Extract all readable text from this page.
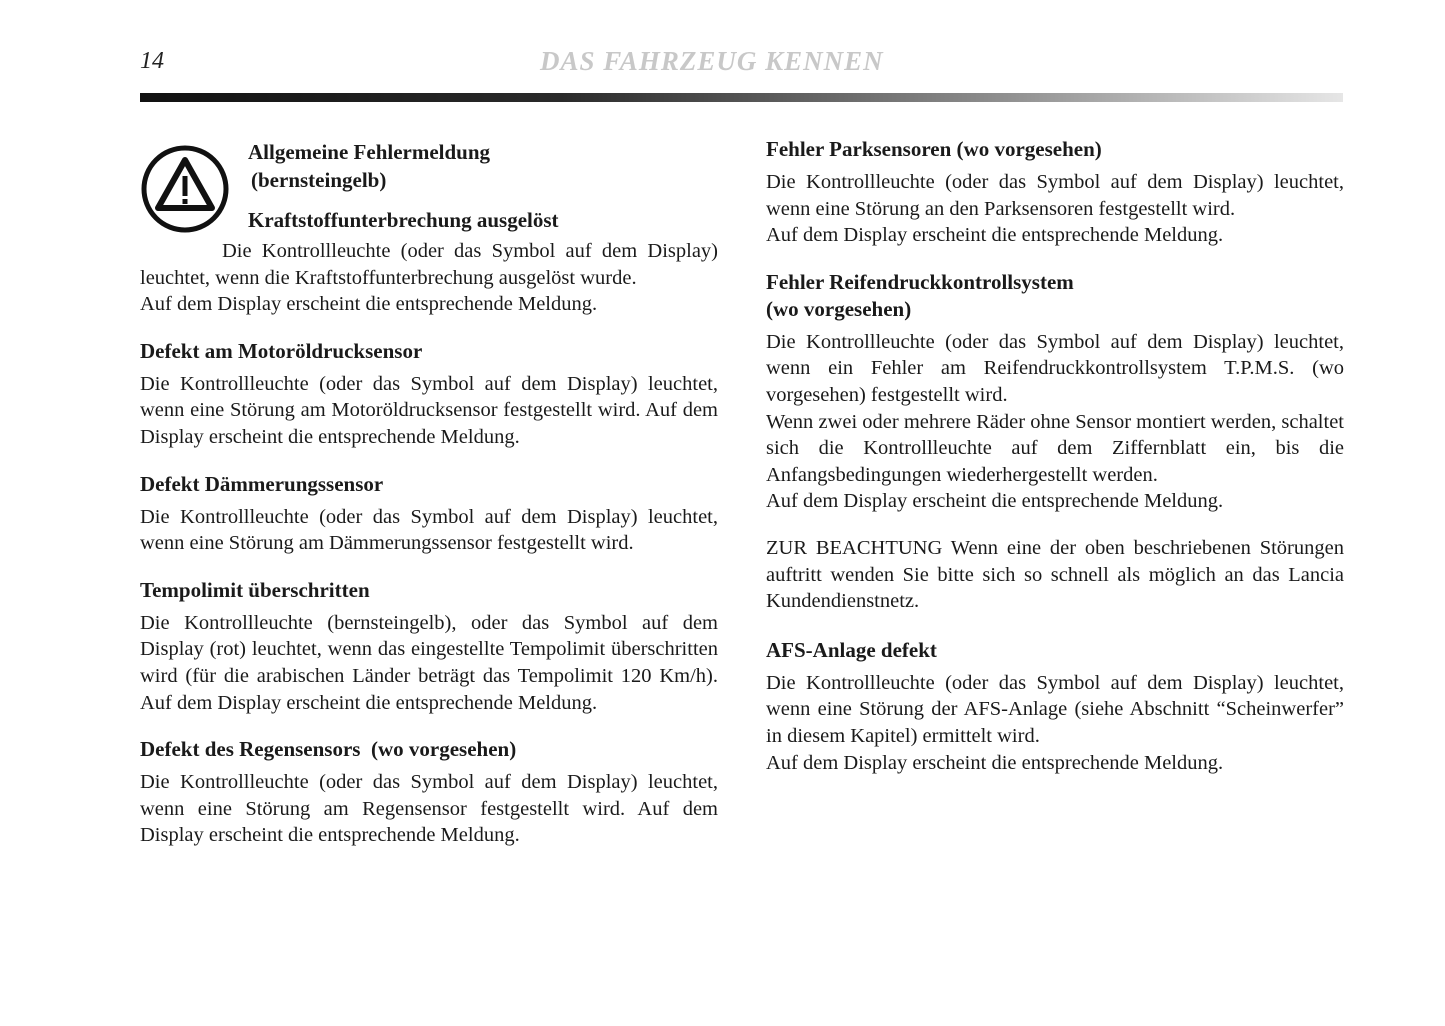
14	DAS FAHRZEUG KENNEN

Allgemeine Fehlermeldung

(bernsteingelb)

Kraftstoffunterbrechung ausgelöst

Die Kontrollleuchte (oder das Symbol auf dem Display) leuchtet, wenn die Kraftstoffunterbrechung ausgelöst wurde.
Auf dem Display erscheint die entsprechende Meldung.

Defekt am Motoröldrucksensor

Die Kontrollleuchte (oder das Symbol auf dem Display) leuchtet, wenn eine Störung am Motoröldrucksensor festgestellt wird. Auf dem Display erscheint die entsprechende Meldung.

Defekt Dämmerungssensor

Die Kontrollleuchte (oder das Symbol auf dem Display) leuchtet, wenn eine Störung am Dämmerungssensor festgestellt wird.

Tempolimit überschritten

Die Kontrollleuchte (bernsteingelb), oder das Symbol auf dem Display (rot) leuchtet, wenn das eingestellte Tempolimit überschritten wird (für die arabischen Länder beträgt das Tempolimit 120 Km/h). Auf dem Display erscheint die entsprechende Meldung.

Defekt des Regensensors  (wo vorgesehen)

Die Kontrollleuchte (oder das Symbol auf dem Display) leuchtet, wenn eine Störung am Regensensor festgestellt wird. Auf dem Display erscheint die entsprechende Meldung.

Fehler Parksensoren (wo vorgesehen)

Die Kontrollleuchte (oder das Symbol auf dem Display) leuchtet, wenn eine Störung an den Parksensoren festgestellt wird.

Auf dem Display erscheint die entsprechende Meldung.

Fehler Reifendruckkontrollsystem
(wo vorgesehen)

Die Kontrollleuchte (oder das Symbol auf dem Display) leuchtet, wenn ein Fehler am Reifendruckkontrollsystem T.P.M.S. (wo vorgesehen) festgestellt wird.

Wenn zwei oder mehrere Räder ohne Sensor montiert werden, schaltet sich die Kontrollleuchte auf dem Ziffernblatt ein, bis die Anfangsbedingungen wiederhergestellt werden.

Auf dem Display erscheint die entsprechende Meldung.

ZUR BEACHTUNG Wenn eine der oben beschriebenen Störungen auftritt wenden Sie bitte sich so schnell als möglich an das Lancia Kundendienstnetz.

AFS-Anlage defekt

Die Kontrollleuchte (oder das Symbol auf dem Display) leuchtet, wenn eine Störung der AFS-Anlage (siehe Abschnitt “Scheinwerfer” in diesem Kapitel) ermittelt wird.

Auf dem Display erscheint die entsprechende Meldung.
